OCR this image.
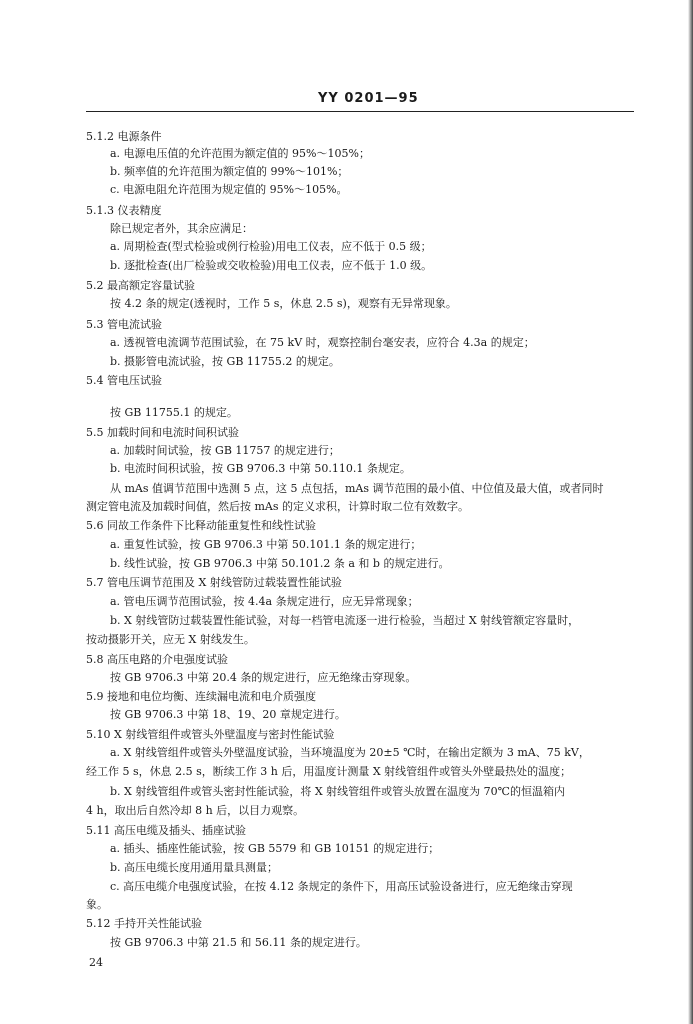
YY 0201—95
5.1.2 电源条件
a. 电源电压值的允许范围为额定值的 95%～105%；
b. 频率值的允许范围为额定值的 99%～101%；
c. 电源电阻允许范围为规定值的 95%～105%。
5.1.3 仪表精度
除已规定者外，其余应满足：
a. 周期检查(型式检验或例行检验)用电工仪表，应不低于 0.5 级；
b. 逐批检查(出厂检验或交收检验)用电工仪表，应不低于 1.0 级。
5.2 最高额定容量试验
按 4.2 条的规定(透视时，工作 5 s，休息 2.5 s)，观察有无异常现象。
5.3 管电流试验
a. 透视管电流调节范围试验，在 75 kV 时，观察控制台毫安表，应符合 4.3a 的规定；
b. 摄影管电流试验，按 GB 11755.2 的规定。
5.4 管电压试验
按 GB 11755.1 的规定。
5.5 加载时间和电流时间积试验
a. 加载时间试验，按 GB 11757 的规定进行；
b. 电流时间积试验，按 GB 9706.3 中第 50.110.1 条规定。
从 mAs 值调节范围中选测 5 点，这 5 点包括，mAs 调节范围的最小值、中位值及最大值，或者同时
测定管电流及加载时间值，然后按 mAs 的定义求积，计算时取二位有效数字。
5.6 同故工作条件下比释动能重复性和线性试验
a. 重复性试验，按 GB 9706.3 中第 50.101.1 条的规定进行；
b. 线性试验，按 GB 9706.3 中第 50.101.2 条 a 和 b 的规定进行。
5.7 管电压调节范围及 X 射线管防过载装置性能试验
a. 管电压调节范围试验，按 4.4a 条规定进行，应无异常现象；
b. X 射线管防过载装置性能试验，对每一档管电流逐一进行检验，当超过 X 射线管额定容量时，
按动摄影开关，应无 X 射线发生。
5.8 高压电路的介电强度试验
按 GB 9706.3 中第 20.4 条的规定进行，应无绝缘击穿现象。
5.9 接地和电位均衡、连续漏电流和电介质强度
按 GB 9706.3 中第 18、19、20 章规定进行。
5.10 X 射线管组件或管头外壁温度与密封性能试验
a. X 射线管组件或管头外壁温度试验，当环境温度为 20±5 ℃时，在输出定额为 3 mA、75 kV，
经工作 5 s，休息 2.5 s，断续工作 3 h 后，用温度计测量 X 射线管组件或管头外壁最热处的温度；
b. X 射线管组件或管头密封性能试验，将 X 射线管组件或管头放置在温度为 70℃的恒温箱内
4 h，取出后自然冷却 8 h 后，以目力观察。
5.11 高压电缆及插头、插座试验
a. 插头、插座性能试验，按 GB 5579 和 GB 10151 的规定进行；
b. 高压电缆长度用通用量具测量；
c. 高压电缆介电强度试验，在按 4.12 条规定的条件下，用高压试验设备进行，应无绝缘击穿现
象。
5.12 手持开关性能试验
按 GB 9706.3 中第 21.5 和 56.11 条的规定进行。
24
